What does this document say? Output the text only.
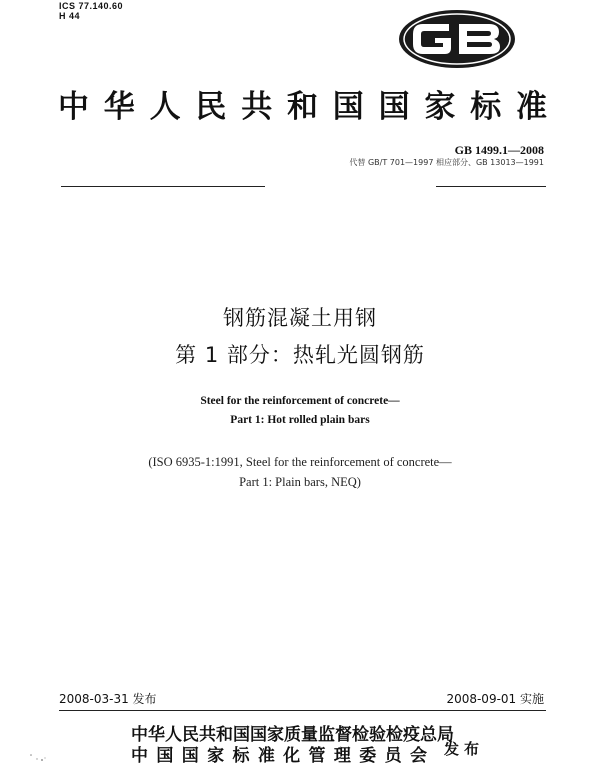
ICS 77.140.60
H 44
中华人民共和国国家标准
GB 1499.1—2008
代替 GB/T 701—1997 相应部分、GB 13013—1991
钢筋混凝土用钢
第 1 部分：热轧光圆钢筋
Steel for the reinforcement of concrete—
Part 1: Hot rolled plain bars
(ISO 6935-1:1991, Steel for the reinforcement of concrete—
Part 1: Plain bars, NEQ)
2008-03-31 发布	2008-09-01 实施
中华人民共和国国家质量监督检验检疫总局
中国国家标准化管理委员会 发布
